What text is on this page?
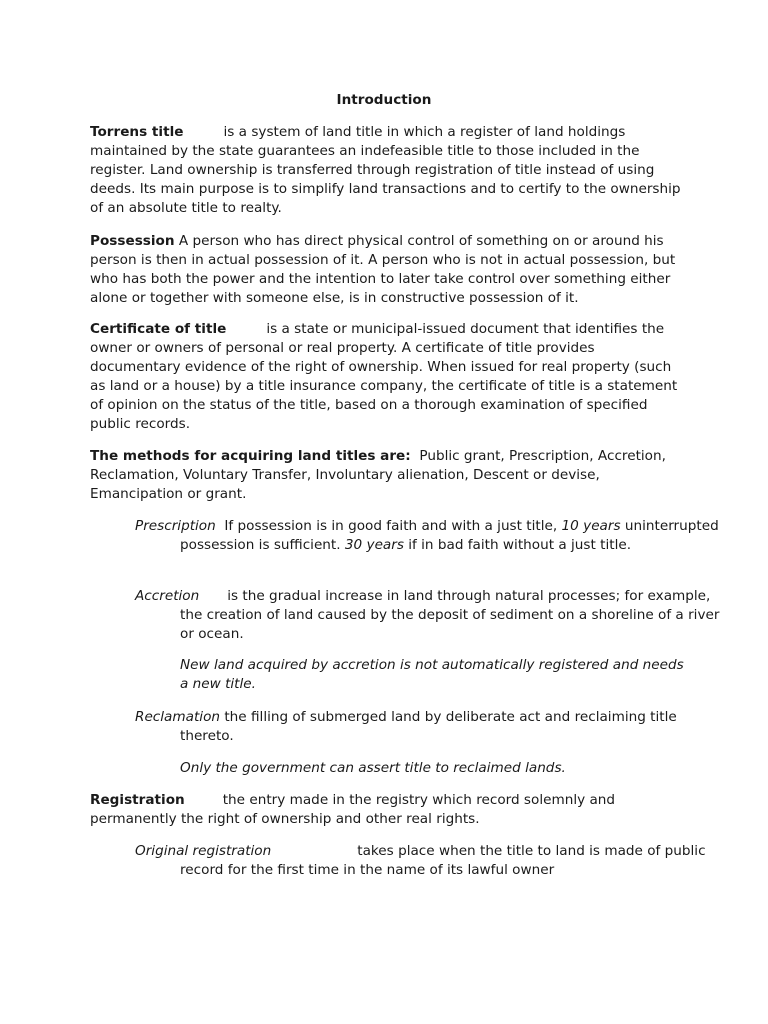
Introduction

Torrens title	is a system of land title in which a register of land holdings maintained by the state guarantees an indefeasible title to those included in the register. Land ownership is transferred through registration of title instead of using deeds. Its main purpose is to simplify land transactions and to certify to the ownership of an absolute title to realty.

Possession A person who has direct physical control of something on or around his person is then in actual possession of it. A person who is not in actual possession, but who has both the power and the intention to later take control over something either alone or together with someone else, is in constructive possession of it.

Certificate of title	is a state or municipal-issued document that identifies the owner or owners of personal or real property. A certificate of title provides documentary evidence of the right of ownership. When issued for real property (such as land or a house) by a title insurance company, the certificate of title is a statement of opinion on the status of the title, based on a thorough examination of specified public records.

The methods for acquiring land titles are: Public grant, Prescription, Accretion, Reclamation, Voluntary Transfer, Involuntary alienation, Descent or devise, Emancipation or grant.

Prescription If possession is in good faith and with a just title, 10 years uninterrupted possession is sufficient. 30 years if in bad faith without a just title.

Accretion is the gradual increase in land through natural processes; for example, the creation of land caused by the deposit of sediment on a shoreline of a river or ocean.

New land acquired by accretion is not automatically registered and needs a new title.

Reclamation the filling of submerged land by deliberate act and reclaiming title thereto.

Only the government can assert title to reclaimed lands.

Registration	the entry made in the registry which record solemnly and permanently the right of ownership and other real rights.

Original registration	takes place when the title to land is made of public record for the first time in the name of its lawful owner
